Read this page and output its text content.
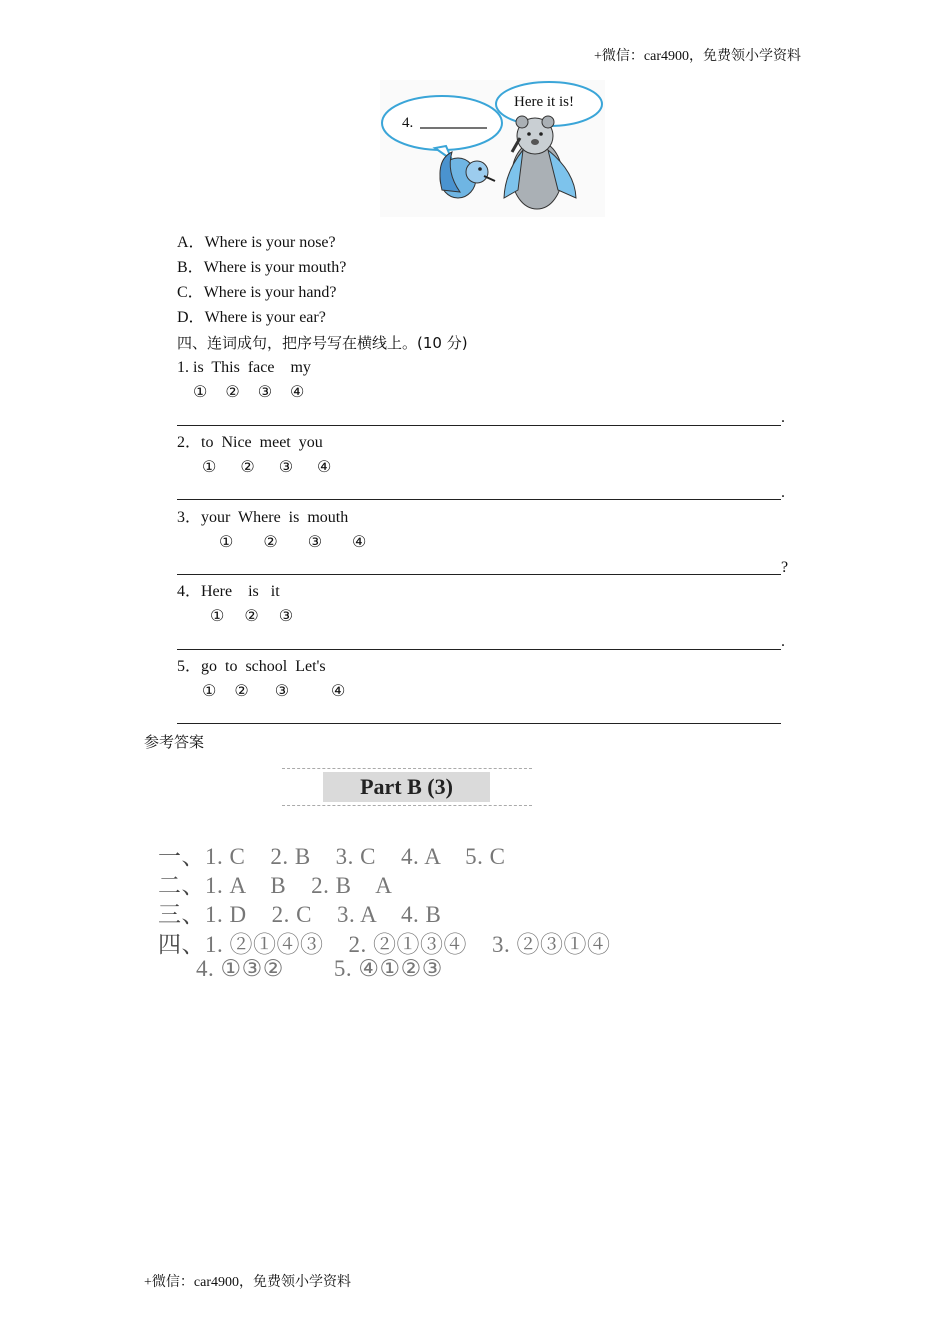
+微信：car4900，免费领小学资料
4.
Here it is!
A．Where is your nose?
B．Where is your mouth?
C．Where is your hand?
D．Where is your ear?
四、连词成句，把序号写在横线上。(10 分)
1. is  This  face    my
① ② ③ ④
.
2．to  Nice  meet  you
① ② ③ ④
.
3．your  Where  is  mouth
① ② ③ ④
?
4．Here    is   it
① ② ③
.
5．go  to  school  Let's
① ② ③	④
参考答案
Part B (3)
一、1. C    2. B    3. C    4. A    5. C
二、1. A    B    2. B    A
三、1. D    2. C    3. A    4. B
四、1. ②①④③    2. ②①③④    3. ②③①④
4. ①③②        5. ④①②③
+微信：car4900，免费领小学资料
